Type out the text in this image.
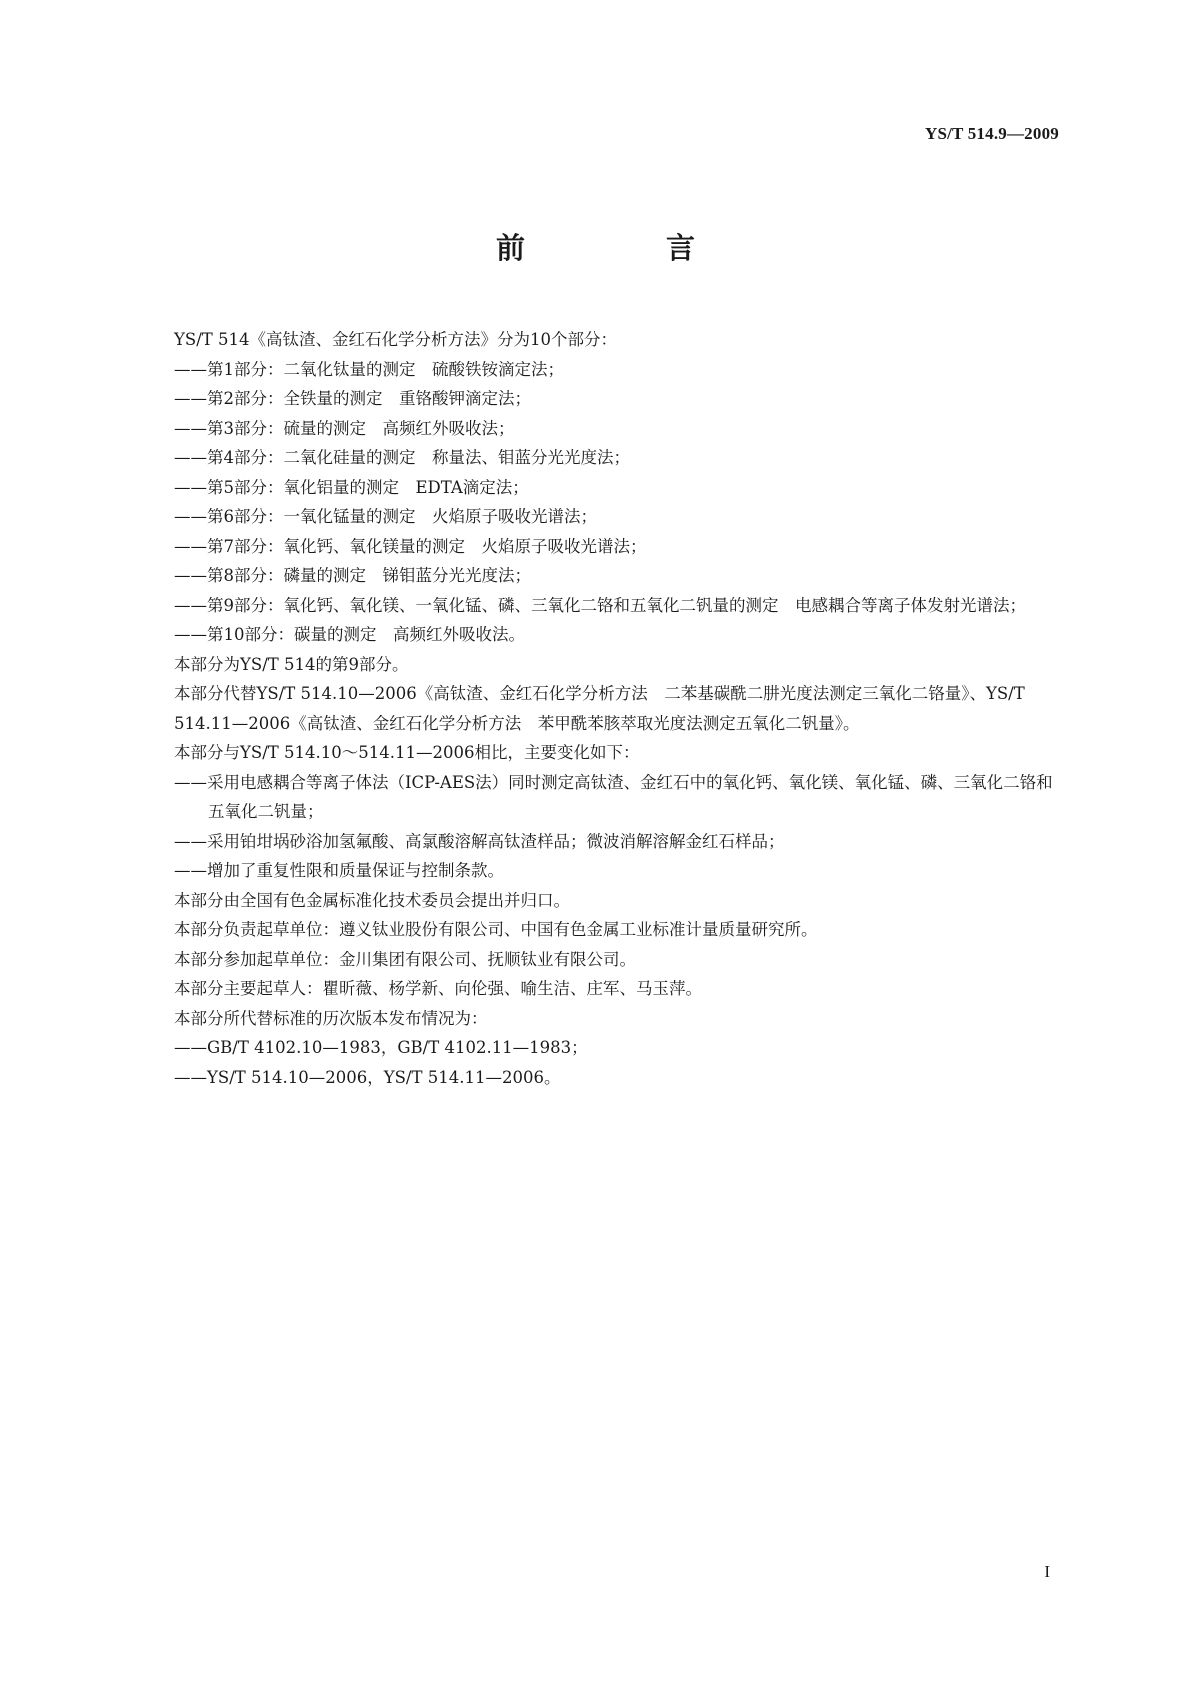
YS/T 514.9—2009
前　言

YS/T 514《高钛渣、金红石化学分析方法》分为10个部分：

——第1部分：二氧化钛量的测定　硫酸铁铵滴定法；

——第2部分：全铁量的测定　重铬酸钾滴定法；

——第3部分：硫量的测定　高频红外吸收法；

——第4部分：二氧化硅量的测定　称量法、钼蓝分光光度法；

——第5部分：氧化铝量的测定　EDTA滴定法；

——第6部分：一氧化锰量的测定　火焰原子吸收光谱法；

——第7部分：氧化钙、氧化镁量的测定　火焰原子吸收光谱法；

——第8部分：磷量的测定　锑钼蓝分光光度法；

——第9部分：氧化钙、氧化镁、一氧化锰、磷、三氧化二铬和五氧化二钒量的测定　电感耦合等离子体发射光谱法；

——第10部分：碳量的测定　高频红外吸收法。

本部分为YS/T 514的第9部分。

本部分代替YS/T 514.10—2006《高钛渣、金红石化学分析方法　二苯基碳酰二肼光度法测定三氧化二铬量》、YS/T 514.11—2006《高钛渣、金红石化学分析方法　苯甲酰苯胲萃取光度法测定五氧化二钒量》。

本部分与YS/T 514.10～514.11—2006相比，主要变化如下：

——采用电感耦合等离子体法（ICP-AES法）同时测定高钛渣、金红石中的氧化钙、氧化镁、氧化锰、磷、三氧化二铬和五氧化二钒量；

——采用铂坩埚砂浴加氢氟酸、高氯酸溶解高钛渣样品；微波消解溶解金红石样品；

——增加了重复性限和质量保证与控制条款。

本部分由全国有色金属标准化技术委员会提出并归口。

本部分负责起草单位：遵义钛业股份有限公司、中国有色金属工业标准计量质量研究所。

本部分参加起草单位：金川集团有限公司、抚顺钛业有限公司。

本部分主要起草人：瞿昕薇、杨学新、向伦强、喻生洁、庄军、马玉萍。

本部分所代替标准的历次版本发布情况为：

——GB/T 4102.10—1983，GB/T 4102.11—1983；

——YS/T 514.10—2006，YS/T 514.11—2006。

I
